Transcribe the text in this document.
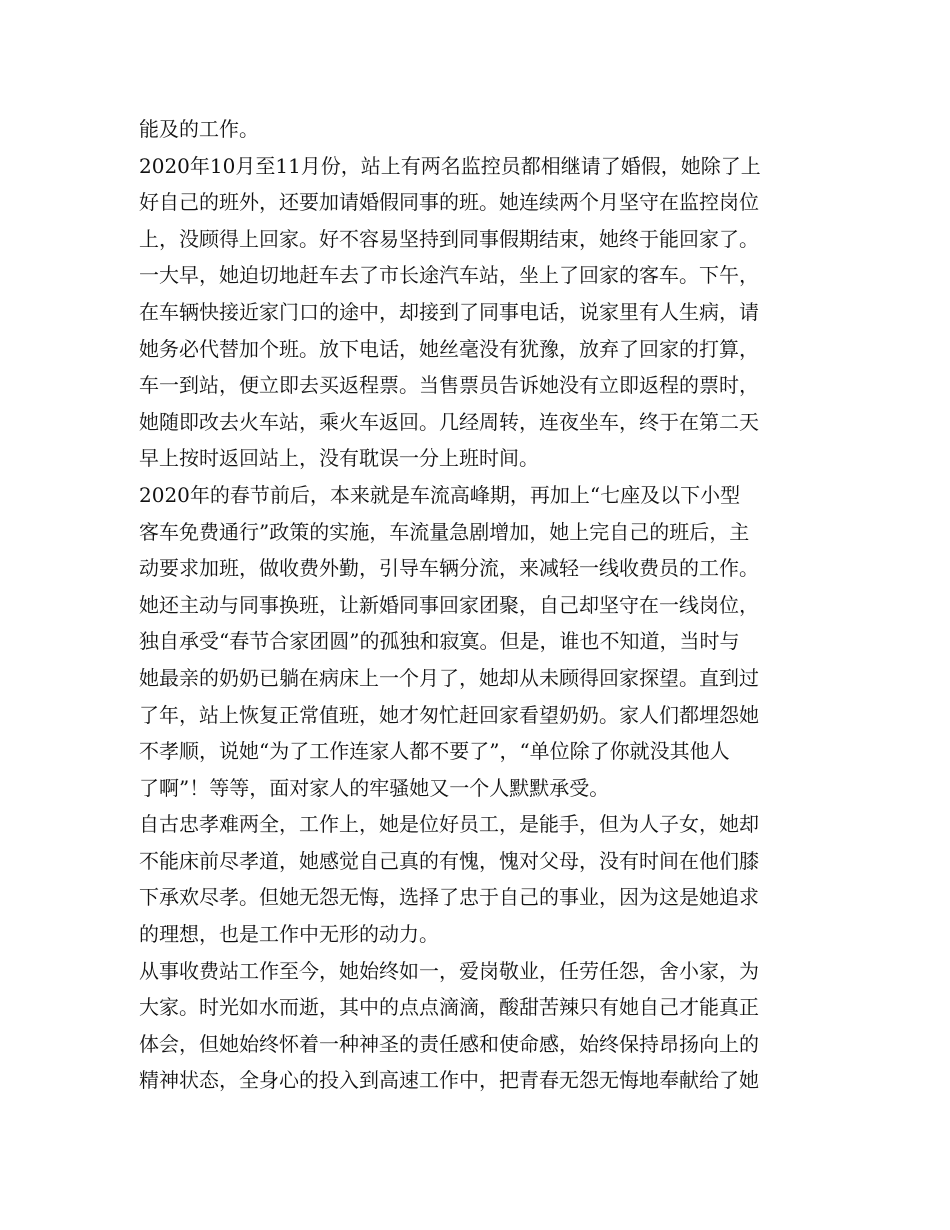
能及的工作。
2020年10月至11月份，站上有两名监控员都相继请了婚假，她除了上
好自己的班外，还要加请婚假同事的班。她连续两个月坚守在监控岗位
上，没顾得上回家。好不容易坚持到同事假期结束，她终于能回家了。
一大早，她迫切地赶车去了市长途汽车站，坐上了回家的客车。下午，
在车辆快接近家门口的途中，却接到了同事电话，说家里有人生病，请
她务必代替加个班。放下电话，她丝毫没有犹豫，放弃了回家的打算，
车一到站，便立即去买返程票。当售票员告诉她没有立即返程的票时，
她随即改去火车站，乘火车返回。几经周转，连夜坐车，终于在第二天
早上按时返回站上，没有耽误一分上班时间。
2020年的春节前后，本来就是车流高峰期，再加上“七座及以下小型
客车免费通行”政策的实施，车流量急剧增加，她上完自己的班后，主
动要求加班，做收费外勤，引导车辆分流，来减轻一线收费员的工作。
她还主动与同事换班，让新婚同事回家团聚，自己却坚守在一线岗位，
独自承受“春节合家团圆”的孤独和寂寞。但是，谁也不知道，当时与
她最亲的奶奶已躺在病床上一个月了，她却从未顾得回家探望。直到过
了年，站上恢复正常值班，她才匆忙赶回家看望奶奶。家人们都埋怨她
不孝顺，说她“为了工作连家人都不要了”，“单位除了你就没其他人
了啊”！等等，面对家人的牢骚她又一个人默默承受。
自古忠孝难两全，工作上，她是位好员工，是能手，但为人子女，她却
不能床前尽孝道，她感觉自己真的有愧，愧对父母，没有时间在他们膝
下承欢尽孝。但她无怨无悔，选择了忠于自己的事业，因为这是她追求
的理想，也是工作中无形的动力。
从事收费站工作至今，她始终如一，爱岗敬业，任劳任怨，舍小家，为
大家。时光如水而逝，其中的点点滴滴，酸甜苦辣只有她自己才能真正
体会，但她始终怀着一种神圣的责任感和使命感，始终保持昂扬向上的
精神状态，全身心的投入到高速工作中，把青春无怨无悔地奉献给了她
